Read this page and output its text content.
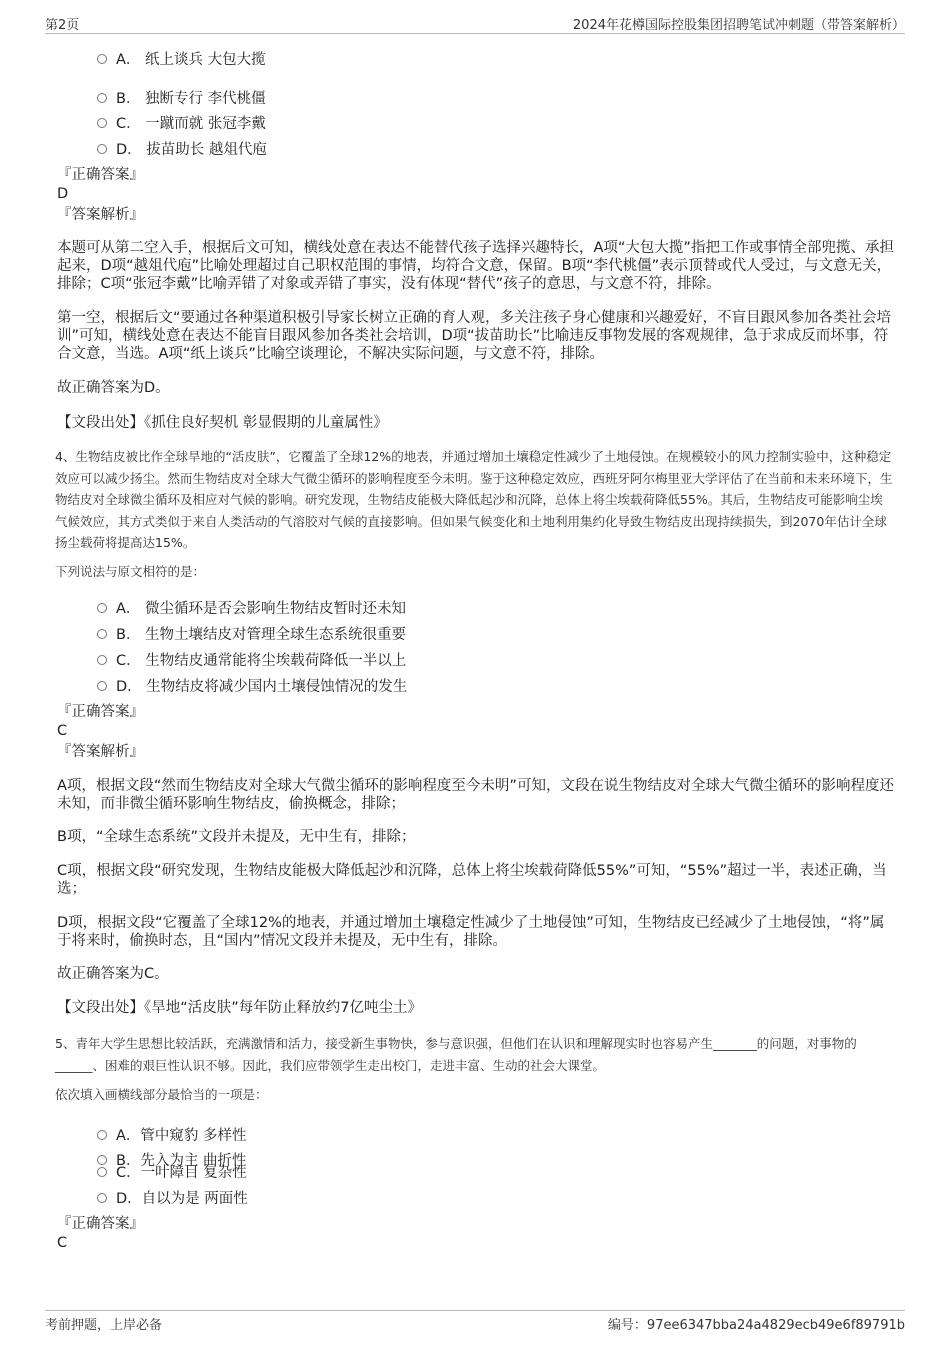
第2页	2024年花樽国际控股集团招聘笔试冲刺题（带答案解析）
A． 纸上谈兵 大包大揽
B． 独断专行 李代桃僵
C． 一蹴而就 张冠李戴
D． 拔苗助长 越俎代庖
『正确答案』
D
『答案解析』
本题可从第二空入手，根据后文可知，横线处意在表达不能替代孩子选择兴趣特长，A项“大包大揽”指把工作或事情全部兜揽、承担起来，D项“越俎代庖”比喻处理超过自己职权范围的事情，均符合文意，保留。B项“李代桃僵”表示顶替或代人受过，与文意无关，排除；C项“张冠李戴”比喻弄错了对象或弄错了事实，没有体现“替代”孩子的意思，与文意不符，排除。
第一空，根据后文“要通过各种渠道积极引导家长树立正确的育人观，多关注孩子身心健康和兴趣爱好，不盲目跟风参加各类社会培训”可知，横线处意在表达不能盲目跟风参加各类社会培训，D项“拔苗助长”比喻违反事物发展的客观规律，急于求成反而坏事，符合文意，当选。A项“纸上谈兵”比喻空谈理论，不解决实际问题，与文意不符，排除。
故正确答案为D。
【文段出处】《抓住良好契机 彰显假期的儿童属性》
4、生物结皮被比作全球旱地的“活皮肤”，它覆盖了全球12%的地表，并通过增加土壤稳定性减少了土地侵蚀。在规模较小的风力控制实验中，这种稳定效应可以减少扬尘。然而生物结皮对全球大气微尘循环的影响程度至今未明。鉴于这种稳定效应，西班牙阿尔梅里亚大学评估了在当前和未来环境下，生物结皮对全球微尘循环及相应对气候的影响。研究发现，生物结皮能极大降低起沙和沉降，总体上将尘埃载荷降低55%。其后，生物结皮可能影响尘埃气候效应，其方式类似于来自人类活动的气溶胶对气候的直接影响。但如果气候变化和土地利用集约化导致生物结皮出现持续损失，到2070年估计全球扬尘载荷将提高达15%。
下列说法与原文相符的是：
A． 微尘循环是否会影响生物结皮暂时还未知
B． 生物土壤结皮对管理全球生态系统很重要
C． 生物结皮通常能将尘埃载荷降低一半以上
D． 生物结皮将减少国内土壤侵蚀情况的发生
『正确答案』
C
『答案解析』
A项，根据文段“然而生物结皮对全球大气微尘循环的影响程度至今未明”可知，文段在说生物结皮对全球大气微尘循环的影响程度还未知，而非微尘循环影响生物结皮，偷换概念，排除；
B项，“全球生态系统”文段并未提及，无中生有，排除；
C项，根据文段“研究发现，生物结皮能极大降低起沙和沉降，总体上将尘埃载荷降低55%”可知，“55%”超过一半，表述正确，当选；
D项，根据文段“它覆盖了全球12%的地表，并通过增加土壤稳定性减少了土地侵蚀”可知，生物结皮已经减少了土地侵蚀，“将”属于将来时，偷换时态，且“国内”情况文段并未提及，无中生有，排除。
故正确答案为C。
【文段出处】《旱地“活皮肤”每年防止释放约7亿吨尘土》
5、青年大学生思想比较活跃，充满激情和活力，接受新生事物快，参与意识强，但他们在认识和理解现实时也容易产生_______的问题，对事物的______、困难的艰巨性认识不够。因此，我们应带领学生走出校门，走进丰富、生动的社会大课堂。
依次填入画横线部分最恰当的一项是：
A．管中窥豹 多样性
B．先入为主 曲折性
C．一叶障目 复杂性
D．自以为是 两面性
『正确答案』
C
考前押题，上岸必备	编号：97ee6347bba24a4829ecb49e6f89791b
